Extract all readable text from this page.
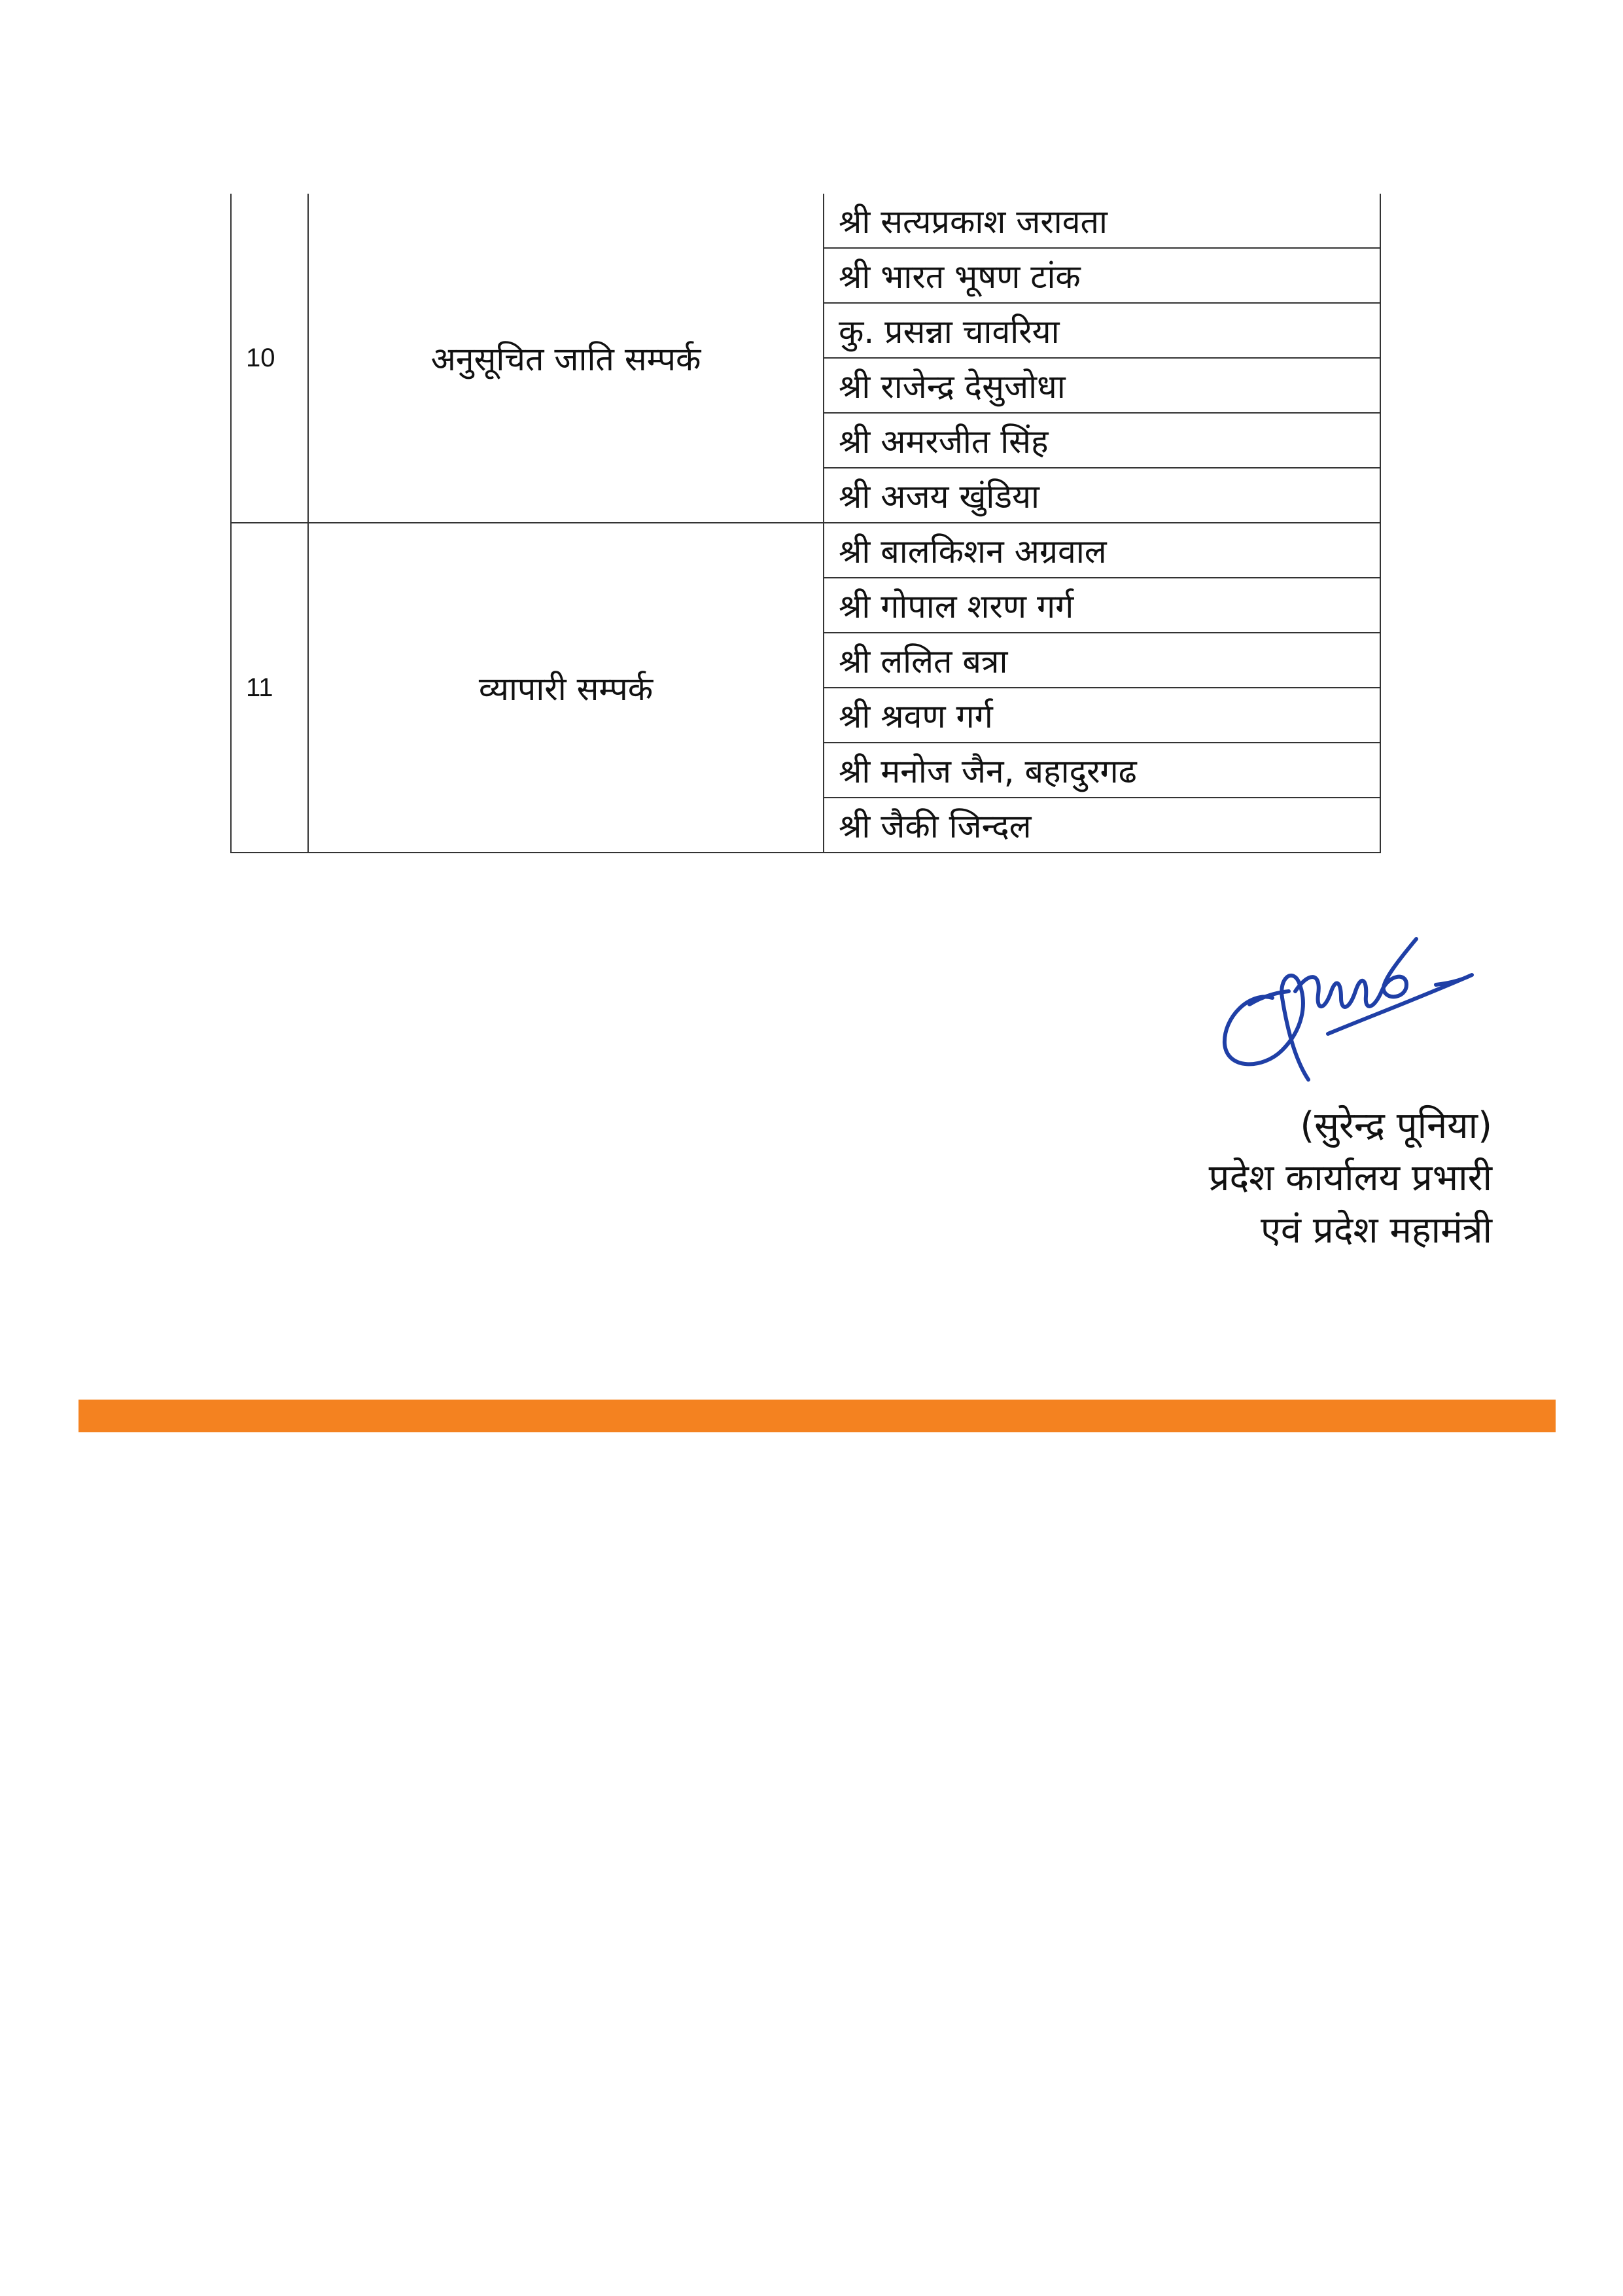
10	अनुसूचित जाति सम्पर्क	श्री सत्यप्रकाश जरावता
		श्री भारत भूषण टांक
		कु. प्रसन्ना चावरिया
		श्री राजेन्द्र देसुजोधा
		श्री अमरजीत सिंह
		श्री अजय खुंडिया
11	व्यापारी सम्पर्क	श्री बालकिशन अग्रवाल
		श्री गोपाल शरण गर्ग
		श्री ललित बत्रा
		श्री श्रवण गर्ग
		श्री मनोज जैन, बहादुरगढ
		श्री जैकी जिन्दल
(सुरेन्द्र पूनिया)
प्रदेश कार्यालय प्रभारी
एवं प्रदेश महामंत्री
